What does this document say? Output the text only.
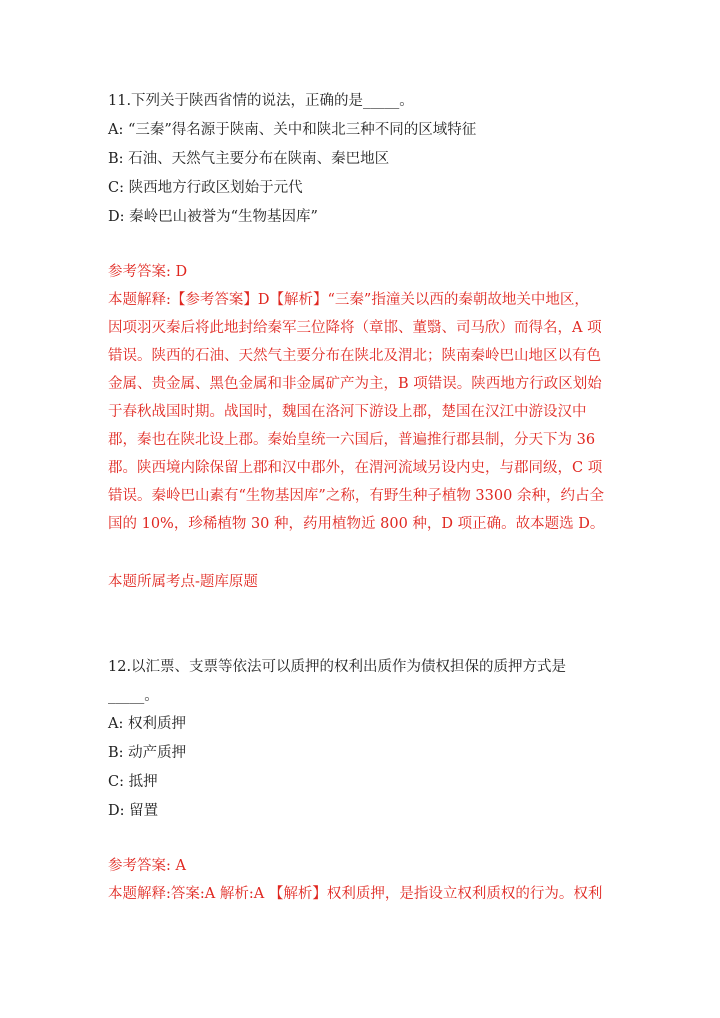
11.下列关于陕西省情的说法，正确的是_____。
A: “三秦”得名源于陕南、关中和陕北三种不同的区域特征
B: 石油、天然气主要分布在陕南、秦巴地区
C: 陕西地方行政区划始于元代
D: 秦岭巴山被誉为“生物基因库”
参考答案: D
本题解释:【参考答案】D【解析】“三秦”指潼关以西的秦朝故地关中地区，
因项羽灭秦后将此地封给秦军三位降将（章邯、董翳、司马欣）而得名，A 项
错误。陕西的石油、天然气主要分布在陕北及渭北；陕南秦岭巴山地区以有色
金属、贵金属、黑色金属和非金属矿产为主，B 项错误。陕西地方行政区划始
于春秋战国时期。战国时，魏国在洛河下游设上郡，楚国在汉江中游设汉中
郡，秦也在陕北设上郡。秦始皇统一六国后，普遍推行郡县制，分天下为 36
郡。陕西境内除保留上郡和汉中郡外，在渭河流域另设内史，与郡同级，C 项
错误。秦岭巴山素有“生物基因库”之称，有野生种子植物 3300 余种，约占全
国的 10%，珍稀植物 30 种，药用植物近 800 种，D 项正确。故本题选 D。
本题所属考点-题库原题
12.以汇票、支票等依法可以质押的权利出质作为债权担保的质押方式是
_____。
A: 权利质押
B: 动产质押
C: 抵押
D: 留置
参考答案: A
本题解释:答案:A 解析:A 【解析】权利质押，是指设立权利质权的行为。权利
